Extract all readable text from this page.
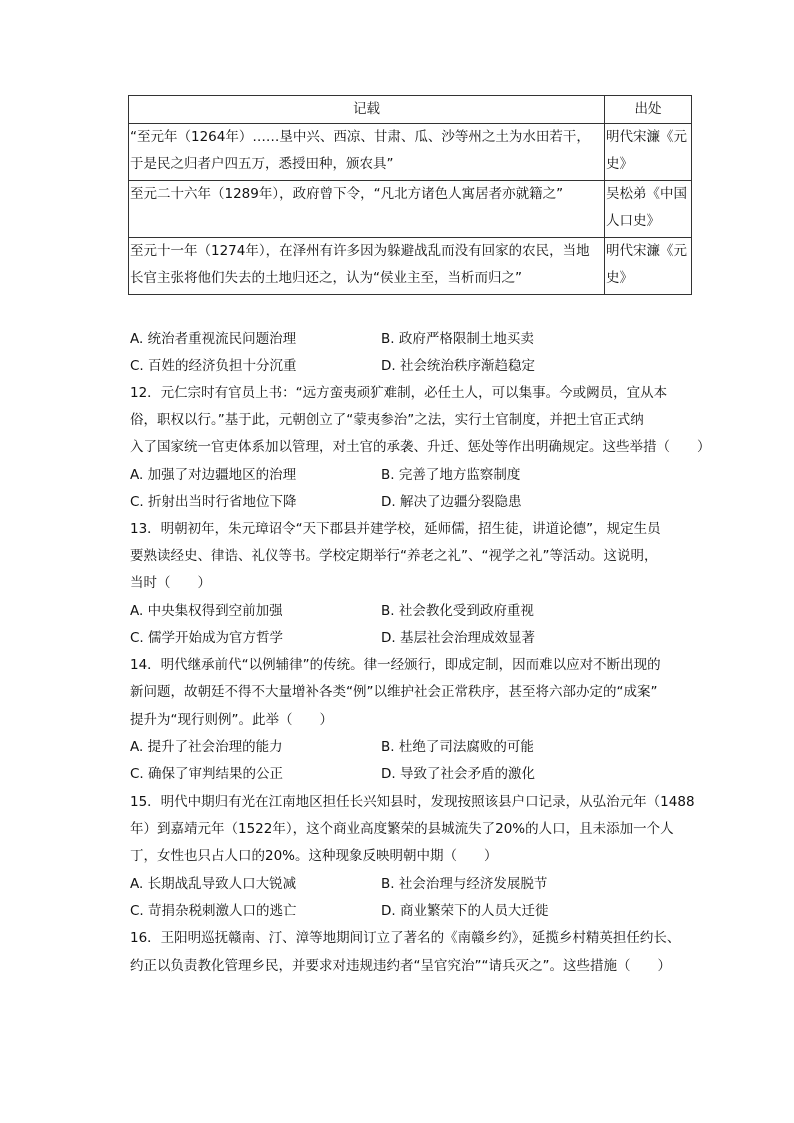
记载	出处
“至元年（1264年）……垦中兴、西凉、甘肃、瓜、沙等州之土为水田若干，于是民之归者户四五万，悉授田种，颁农具”	明代宋濂《元史》
至元二十六年（1289年），政府曾下令，“凡北方诸色人寓居者亦就籍之”	吴松弟《中国人口史》
至元十一年（1274年），在泽州有许多因为躲避战乱而没有回家的农民，当地长官主张将他们失去的土地归还之，认为“侯业主至，当析而归之”	明代宋濂《元史》
A. 统治者重视流民问题治理	B. 政府严格限制土地买卖
C. 百姓的经济负担十分沉重	D. 社会统治秩序渐趋稳定
12．元仁宗时有官员上书：“远方蛮夷顽犷难制，必任土人，可以集事。今或阙员，宜从本
俗，职权以行。”基于此，元朝创立了“蒙夷参治”之法，实行土官制度，并把土官正式纳
入了国家统一官吏体系加以管理，对土官的承袭、升迁、惩处等作出明确规定。这些举措（　　）
A. 加强了对边疆地区的治理	B. 完善了地方监察制度
C. 折射出当时行省地位下降	D. 解决了边疆分裂隐患
13．明朝初年，朱元璋诏令“天下郡县并建学校，延师儒，招生徒，讲道论德”，规定生员
要熟读经史、律诰、礼仪等书。学校定期举行“养老之礼”、“视学之礼”等活动。这说明，
当时（　　）
A. 中央集权得到空前加强	B. 社会教化受到政府重视
C. 儒学开始成为官方哲学	D. 基层社会治理成效显著
14．明代继承前代“以例辅律”的传统。律一经颁行，即成定制，因而难以应对不断出现的
新问题，故朝廷不得不大量增补各类“例”以维护社会正常秩序，甚至将六部办定的“成案”
提升为“现行则例”。此举（　　）
A. 提升了社会治理的能力	B. 杜绝了司法腐败的可能
C. 确保了审判结果的公正	D. 导致了社会矛盾的激化
15．明代中期归有光在江南地区担任长兴知县时，发现按照该县户口记录，从弘治元年（1488
年）到嘉靖元年（1522年），这个商业高度繁荣的县城流失了20%的人口，且未添加一个人
丁，女性也只占人口的20%。这种现象反映明朝中期（　　）
A. 长期战乱导致人口大锐减	B. 社会治理与经济发展脱节
C. 苛捐杂税刺激人口的逃亡	D. 商业繁荣下的人员大迁徙
16．王阳明巡抚赣南、汀、漳等地期间订立了著名的《南赣乡约》，延揽乡村精英担任约长、
约正以负责教化管理乡民，并要求对违规违约者“呈官究治”“请兵灭之”。这些措施（　　）
